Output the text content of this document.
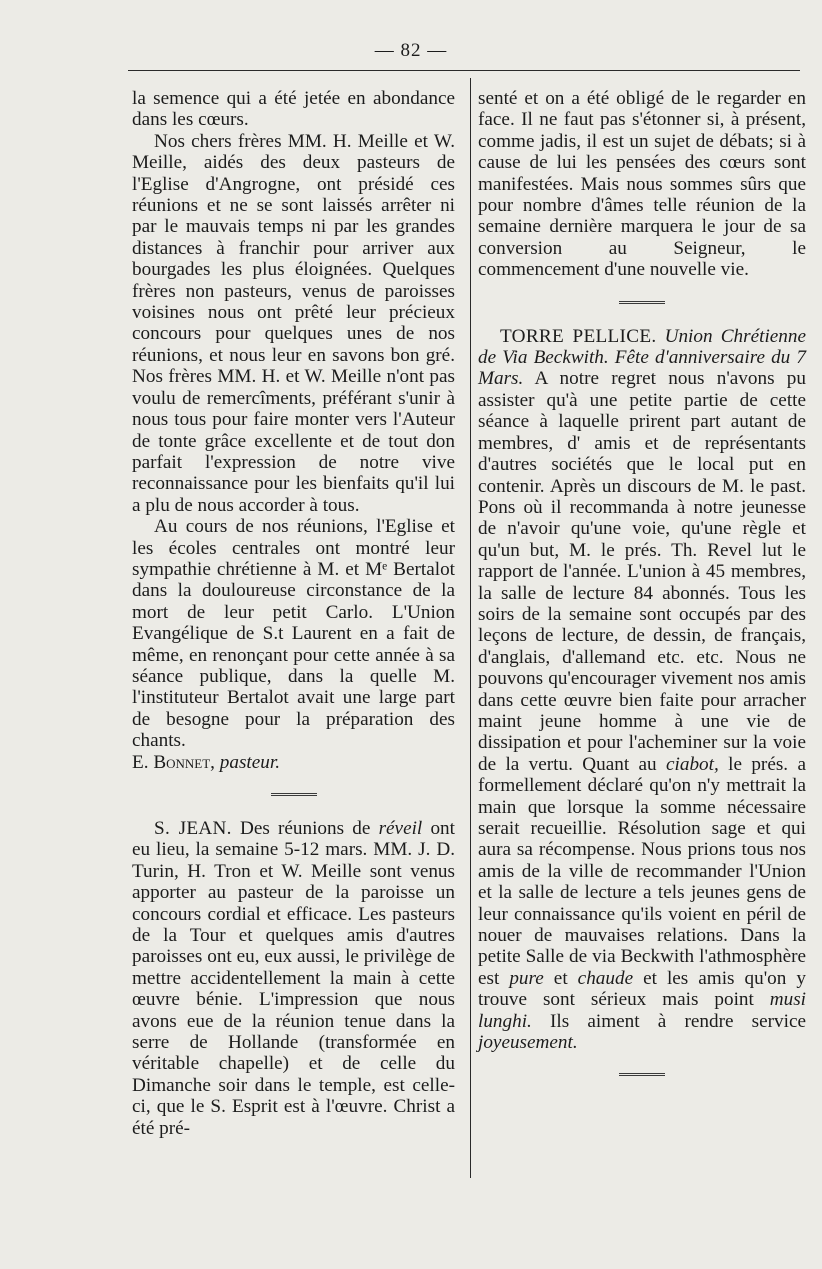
— 82 —

la semence qui a été jetée en abondance dans les cœurs.

Nos chers frères MM. H. Meille et W. Meille, aidés des deux pasteurs de l'Eglise d'Angrogne, ont présidé ces réunions et ne se sont laissés arrêter ni par le mauvais temps ni par les grandes distances à franchir pour arriver aux bourgades les plus éloignées. Quelques frères non pasteurs, venus de paroisses voisines nous ont prêté leur précieux concours pour quelques unes de nos réunions, et nous leur en savons bon gré. Nos frères MM. H. et W. Meille n'ont pas voulu de remercîments, préférant s'unir à nous tous pour faire monter vers l'Auteur de tonte grâce excellente et de tout don parfait l'expression de notre vive reconnaissance pour les bienfaits qu'il lui a plu de nous accorder à tous.

Au cours de nos réunions, l'Eglise et les écoles centrales ont montré leur sympathie chrétienne à M. et Mᵉ Bertalot dans la douloureuse circonstance de la mort de leur petit Carlo. L'Union Evangélique de S.t Laurent en a fait de même, en renonçant pour cette année à sa séance publique, dans la quelle M. l'instituteur Bertalot avait une large part de besogne pour la préparation des chants.

E. Bonnet, pasteur.

S. JEAN. Des réunions de réveil ont eu lieu, la semaine 5-12 mars. MM. J. D. Turin, H. Tron et W. Meille sont venus apporter au pasteur de la paroisse un concours cordial et efficace. Les pasteurs de la Tour et quelques amis d'autres paroisses ont eu, eux aussi, le privilège de mettre accidentellement la main à cette œuvre bénie. L'impression que nous avons eue de la réunion tenue dans la serre de Hollande (transformée en véritable chapelle) et de celle du Dimanche soir dans le temple, est celle-ci, que le S. Esprit est à l'œuvre. Christ a été pré-

senté et on a été obligé de le regarder en face. Il ne faut pas s'étonner si, à présent, comme jadis, il est un sujet de débats; si à cause de lui les pensées des cœurs sont manifestées. Mais nous sommes sûrs que pour nombre d'âmes telle réunion de la semaine dernière marquera le jour de sa conversion au Seigneur, le commencement d'une nouvelle vie.

TORRE PELLICE. Union Chrétienne de Via Beckwith. Fête d'anniversaire du 7 Mars. A notre regret nous n'avons pu assister qu'à une petite partie de cette séance à laquelle prirent part autant de membres, d' amis et de représentants d'autres sociétés que le local put en contenir. Après un discours de M. le past. Pons où il recommanda à notre jeunesse de n'avoir qu'une voie, qu'une règle et qu'un but, M. le prés. Th. Revel lut le rapport de l'année. L'union à 45 membres, la salle de lecture 84 abonnés. Tous les soirs de la semaine sont occupés par des leçons de lecture, de dessin, de français, d'anglais, d'allemand etc. etc. Nous ne pouvons qu'encourager vivement nos amis dans cette œuvre bien faite pour arracher maint jeune homme à une vie de dissipation et pour l'acheminer sur la voie de la vertu. Quant au ciabot, le prés. a formellement déclaré qu'on n'y mettrait la main que lorsque la somme nécessaire serait recueillie. Résolution sage et qui aura sa récompense. Nous prions tous nos amis de la ville de recommander l'Union et la salle de lecture a tels jeunes gens de leur connaissance qu'ils voient en péril de nouer de mauvaises relations. Dans la petite Salle de via Beckwith l'athmosphère est pure et chaude et les amis qu'on y trouve sont sérieux mais point musi lunghi. Ils aiment à rendre service joyeusement.
